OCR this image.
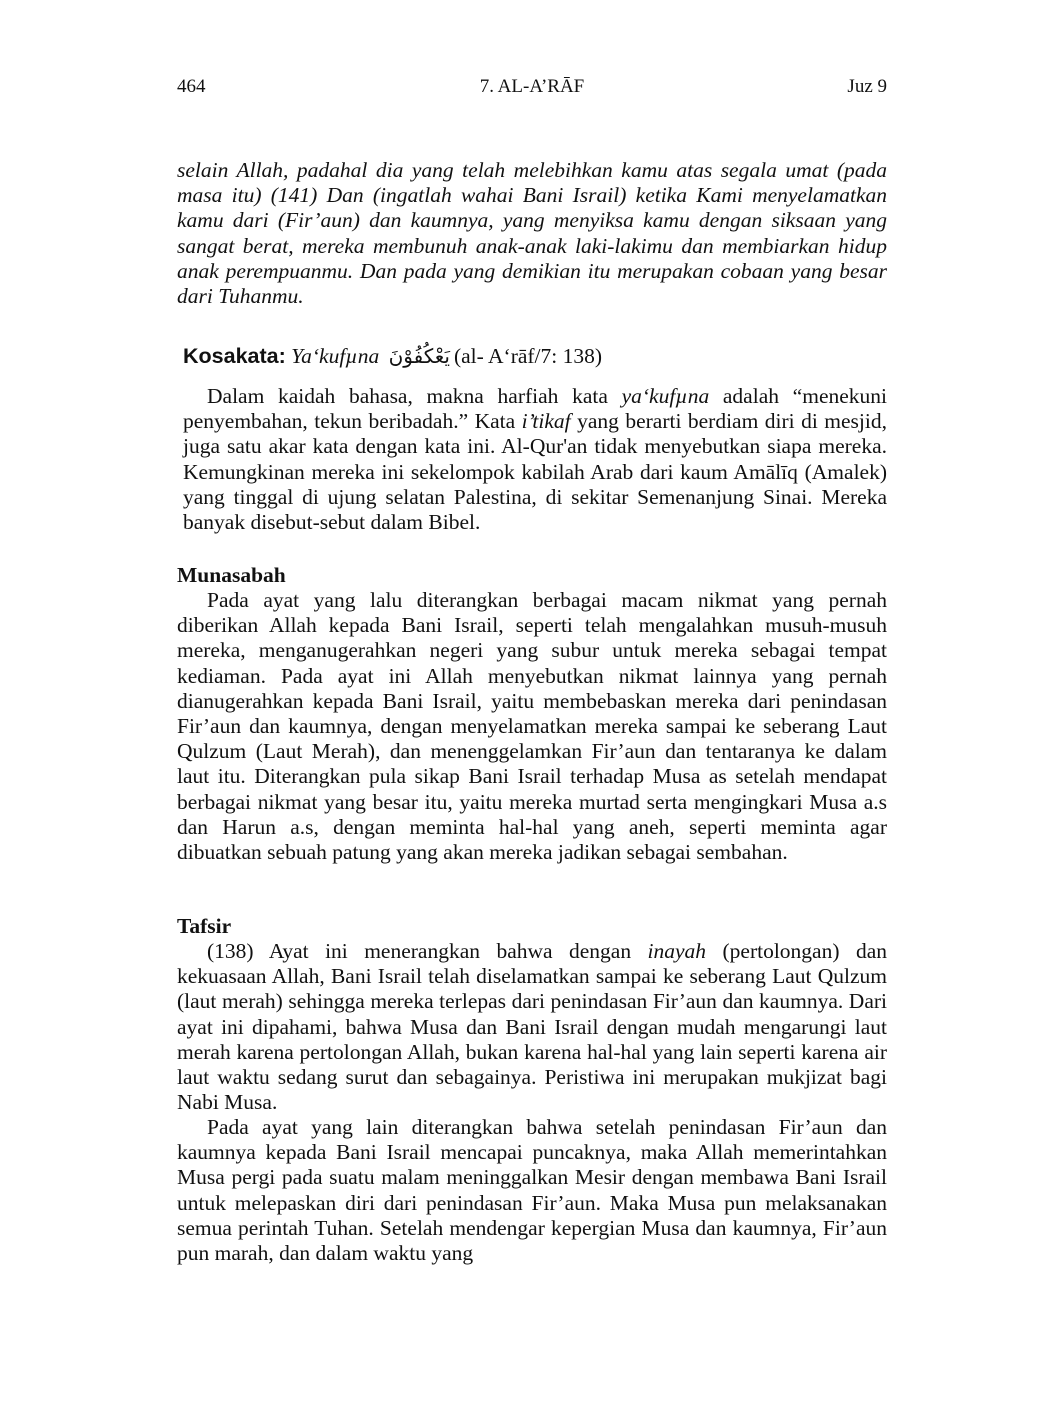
464	7. AL-A’RĀF	Juz 9

selain Allah, padahal dia yang telah melebihkan kamu atas segala umat (pada masa itu) (141) Dan (ingatlah wahai Bani Israil) ketika Kami menyelamatkan kamu dari (Fir’aun) dan kaumnya, yang menyiksa kamu dengan siksaan yang sangat berat, mereka membunuh anak-anak laki-lakimu dan membiarkan hidup anak perempuanmu. Dan pada yang demikian itu merupakan cobaan yang besar dari Tuhanmu.

Kosakata: Ya‘kufµna يَعْكُفُوْنَ (al- A‘rāf/7: 138)

Dalam kaidah bahasa, makna harfiah kata ya‘kufµna adalah “menekuni penyembahan, tekun beribadah.” Kata i’tikaf yang berarti berdiam diri di mesjid, juga satu akar kata dengan kata ini. Al-Qur'an tidak menyebutkan siapa mereka. Kemungkinan mereka ini sekelompok kabilah Arab dari kaum Amālīq (Amalek) yang tinggal di ujung selatan Palestina, di sekitar Semenanjung Sinai. Mereka banyak disebut-sebut dalam Bibel.

Munasabah

Pada ayat yang lalu diterangkan berbagai macam nikmat yang pernah diberikan Allah kepada Bani Israil, seperti telah mengalahkan musuh-musuh mereka, menganugerahkan negeri yang subur untuk mereka sebagai tempat kediaman. Pada ayat ini Allah menyebutkan nikmat lainnya yang pernah dianugerahkan kepada Bani Israil, yaitu membebaskan mereka dari penindasan Fir’aun dan kaumnya, dengan menyelamatkan mereka sampai ke seberang Laut Qulzum (Laut Merah), dan menenggelamkan Fir’aun dan tentaranya ke dalam laut itu. Diterangkan pula sikap Bani Israil terhadap Musa as setelah mendapat berbagai nikmat yang besar itu, yaitu mereka murtad serta mengingkari Musa a.s dan Harun a.s, dengan meminta hal-hal yang aneh, seperti meminta agar dibuatkan sebuah patung yang akan mereka jadikan sebagai sembahan.

Tafsir

(138) Ayat ini menerangkan bahwa dengan inayah (pertolongan) dan kekuasaan Allah, Bani Israil telah diselamatkan sampai ke seberang Laut Qulzum (laut merah) sehingga mereka terlepas dari penindasan Fir’aun dan kaumnya. Dari ayat ini dipahami, bahwa Musa dan Bani Israil dengan mudah mengarungi laut merah karena pertolongan Allah, bukan karena hal-hal yang lain seperti karena air laut waktu sedang surut dan sebagainya. Peristiwa ini merupakan mukjizat bagi Nabi Musa.

Pada ayat yang lain diterangkan bahwa setelah penindasan Fir’aun dan kaumnya kepada Bani Israil mencapai puncaknya, maka Allah memerintahkan Musa pergi pada suatu malam meninggalkan Mesir dengan membawa Bani Israil untuk melepaskan diri dari penindasan Fir’aun. Maka Musa pun melaksanakan semua perintah Tuhan. Setelah mendengar kepergian Musa dan kaumnya, Fir’aun pun marah, dan dalam waktu yang
